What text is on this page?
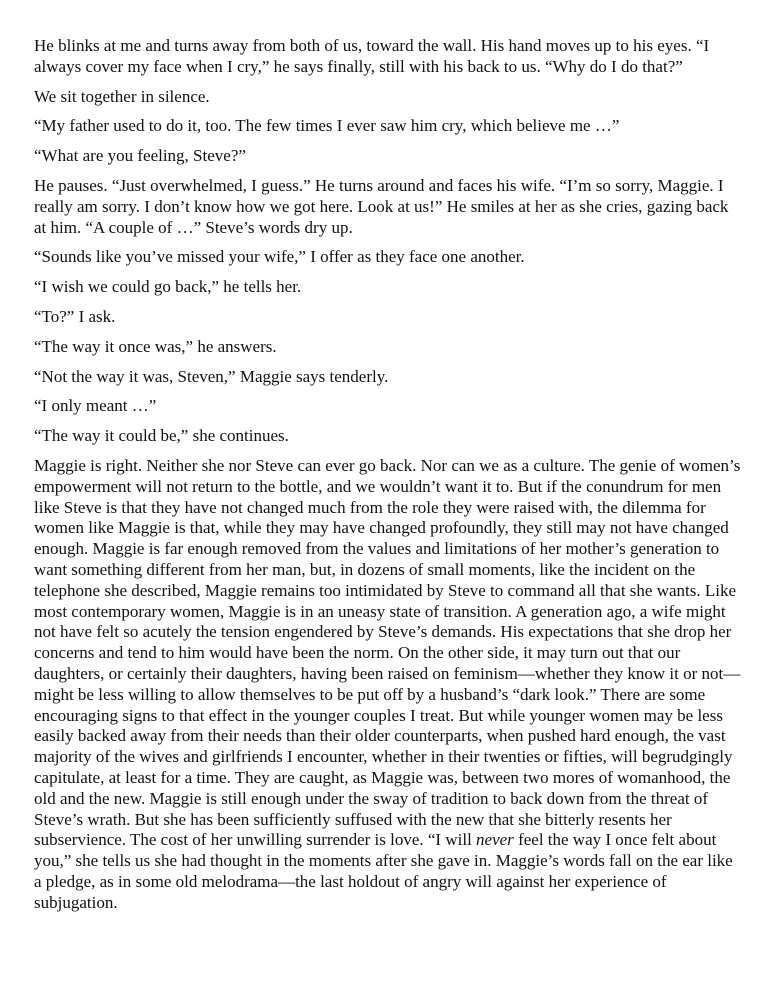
He blinks at me and turns away from both of us, toward the wall. His hand moves up to his eyes. “I always cover my face when I cry,” he says finally, still with his back to us. “Why do I do that?”

We sit together in silence.

“My father used to do it, too. The few times I ever saw him cry, which believe me …”

“What are you feeling, Steve?”

He pauses. “Just overwhelmed, I guess.” He turns around and faces his wife. “I’m so sorry, Maggie. I really am sorry. I don’t know how we got here. Look at us!” He smiles at her as she cries, gazing back at him. “A couple of …” Steve’s words dry up.

“Sounds like you’ve missed your wife,” I offer as they face one another.

“I wish we could go back,” he tells her.

“To?” I ask.

“The way it once was,” he answers.

“Not the way it was, Steven,” Maggie says tenderly.

“I only meant …”

“The way it could be,” she continues.

Maggie is right. Neither she nor Steve can ever go back. Nor can we as a culture. The genie of women’s empowerment will not return to the bottle, and we wouldn’t want it to. But if the conundrum for men like Steve is that they have not changed much from the role they were raised with, the dilemma for women like Maggie is that, while they may have changed profoundly, they still may not have changed enough. Maggie is far enough removed from the values and limitations of her mother’s generation to want something different from her man, but, in dozens of small moments, like the incident on the telephone she described, Maggie remains too intimidated by Steve to command all that she wants. Like most contemporary women, Maggie is in an uneasy state of transition. A generation ago, a wife might not have felt so acutely the tension engendered by Steve’s demands. His expectations that she drop her concerns and tend to him would have been the norm. On the other side, it may turn out that our daughters, or certainly their daughters, having been raised on feminism—whether they know it or not—might be less willing to allow themselves to be put off by a husband’s “dark look.” There are some encouraging signs to that effect in the younger couples I treat. But while younger women may be less easily backed away from their needs than their older counterparts, when pushed hard enough, the vast majority of the wives and girlfriends I encounter, whether in their twenties or fifties, will begrudgingly capitulate, at least for a time. They are caught, as Maggie was, between two mores of womanhood, the old and the new. Maggie is still enough under the sway of tradition to back down from the threat of Steve’s wrath. But she has been sufficiently suffused with the new that she bitterly resents her subservience. The cost of her unwilling surrender is love. “I will never feel the way I once felt about you,” she tells us she had thought in the moments after she gave in. Maggie’s words fall on the ear like a pledge, as in some old melodrama—the last holdout of angry will against her experience of subjugation.
